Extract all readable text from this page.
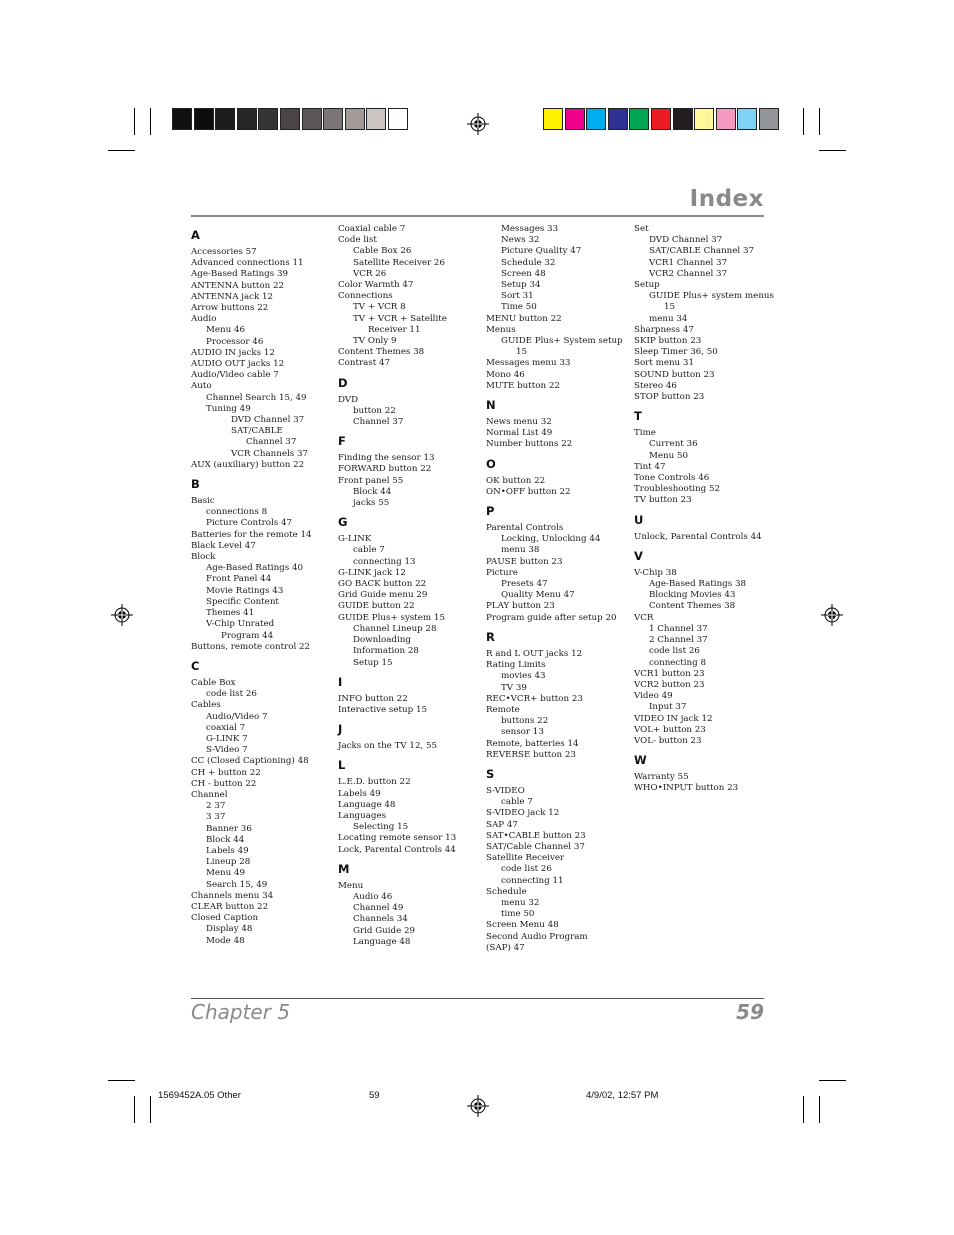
Index
A
Accessories 57
Advanced connections 11
Age-Based Ratings 39
ANTENNA button 22
ANTENNA jack 12
Arrow buttons 22
Audio
Menu 46
Processor 46
AUDIO IN jacks 12
AUDIO OUT jacks 12
Audio/Video cable 7
Auto
Channel Search 15, 49
Tuning 49
DVD Channel 37
SAT/CABLE
Channel 37
VCR Channels 37
AUX (auxiliary) button 22
B
Basic
connections 8
Picture Controls 47
Batteries for the remote 14
Black Level 47
Block
Age-Based Ratings 40
Front Panel 44
Movie Ratings 43
Specific Content
Themes 41
V-Chip Unrated
Program 44
Buttons, remote control 22
C
Cable Box
code list 26
Cables
Audio/Video 7
coaxial 7
G-LINK 7
S-Video 7
CC (Closed Captioning) 48
CH + button 22
CH - button 22
Channel
2 37
3 37
Banner 36
Block 44
Labels 49
Lineup 28
Menu 49
Search 15, 49
Channels menu 34
CLEAR button 22
Closed Caption
Display 48
Mode 48
Coaxial cable 7
Code list
Cable Box 26
Satellite Receiver 26
VCR 26
Color Warmth 47
Connections
TV + VCR 8
TV + VCR + Satellite
Receiver 11
TV Only 9
Content Themes 38
Contrast 47
D
DVD
button 22
Channel 37
F
Finding the sensor 13
FORWARD button 22
Front panel 55
Block 44
jacks 55
G
G-LINK
cable 7
connecting 13
G-LINK jack 12
GO BACK button 22
Grid Guide menu 29
GUIDE button 22
GUIDE Plus+ system 15
Channel Lineup 28
Downloading
Information 28
Setup 15
I
INFO button 22
Interactive setup 15
J
Jacks on the TV 12, 55
L
L.E.D. button 22
Labels 49
Language 48
Languages
Selecting 15
Locating remote sensor 13
Lock, Parental Controls 44
M
Menu
Audio 46
Channel 49
Channels 34
Grid Guide 29
Language 48
Messages 33
News 32
Picture Quality 47
Schedule 32
Screen 48
Setup 34
Sort 31
Time 50
MENU button 22
Menus
GUIDE Plus+ System setup
15
Messages menu 33
Mono 46
MUTE button 22
N
News menu 32
Normal List 49
Number buttons 22
O
OK button 22
ON•OFF button 22
P
Parental Controls
Locking, Unlocking 44
menu 38
PAUSE button 23
Picture
Presets 47
Quality Menu 47
PLAY button 23
Program guide after setup 20
R
R and L OUT jacks 12
Rating Limits
movies 43
TV 39
REC•VCR+ button 23
Remote
buttons 22
sensor 13
Remote, batteries 14
REVERSE button 23
S
S-VIDEO
cable 7
S-VIDEO jack 12
SAP 47
SAT•CABLE button 23
SAT/Cable Channel 37
Satellite Receiver
code list 26
connecting 11
Schedule
menu 32
time 50
Screen Menu 48
Second Audio Program
(SAP) 47
Set
DVD Channel 37
SAT/CABLE Channel 37
VCR1 Channel 37
VCR2 Channel 37
Setup
GUIDE Plus+ system menus
15
menu 34
Sharpness 47
SKIP button 23
Sleep Timer 36, 50
Sort menu 31
SOUND button 23
Stereo 46
STOP button 23
T
Time
Current 36
Menu 50
Tint 47
Tone Controls 46
Troubleshooting 52
TV button 23
U
Unlock, Parental Controls 44
V
V-Chip 38
Age-Based Ratings 38
Blocking Movies 43
Content Themes 38
VCR
1 Channel 37
2 Channel 37
code list 26
connecting 8
VCR1 button 23
VCR2 button 23
Video 49
Input 37
VIDEO IN jack 12
VOL+ button 23
VOL- button 23
W
Warranty 55
WHO•INPUT button 23
Chapter 5	59
1569452A.05 Other	59	4/9/02, 12:57 PM
